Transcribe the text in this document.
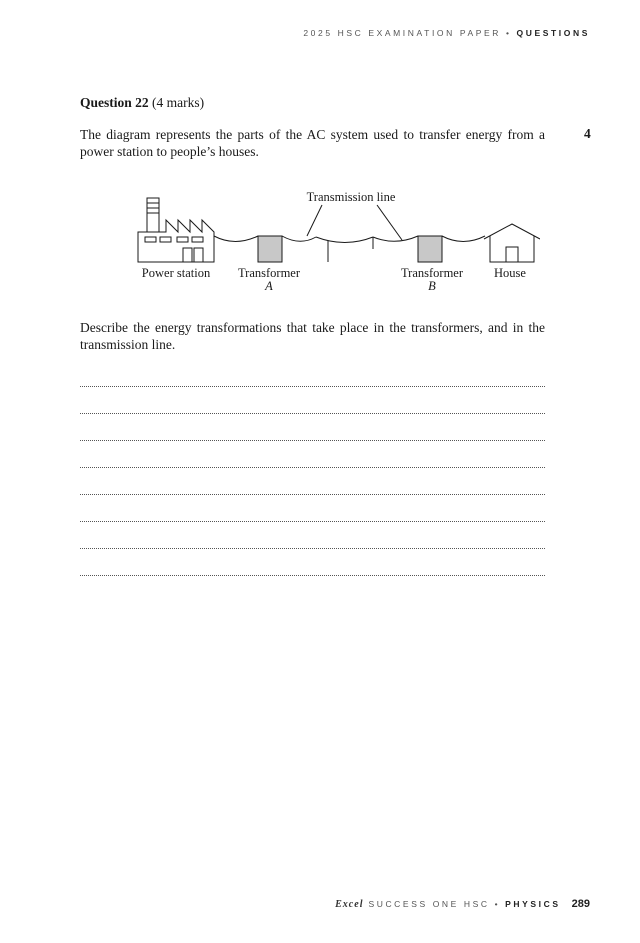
2025 HSC EXAMINATION PAPER • QUESTIONS
Question 22 (4 marks)
The diagram represents the parts of the AC system used to transfer energy from a power station to people’s houses.
4
Transmission line
Power station Transformer
A
Transformer
B
House
Describe the energy transformations that take place in the transformers, and in the transmission line.
Excel SUCCESS ONE HSC • PHYSICS 289
